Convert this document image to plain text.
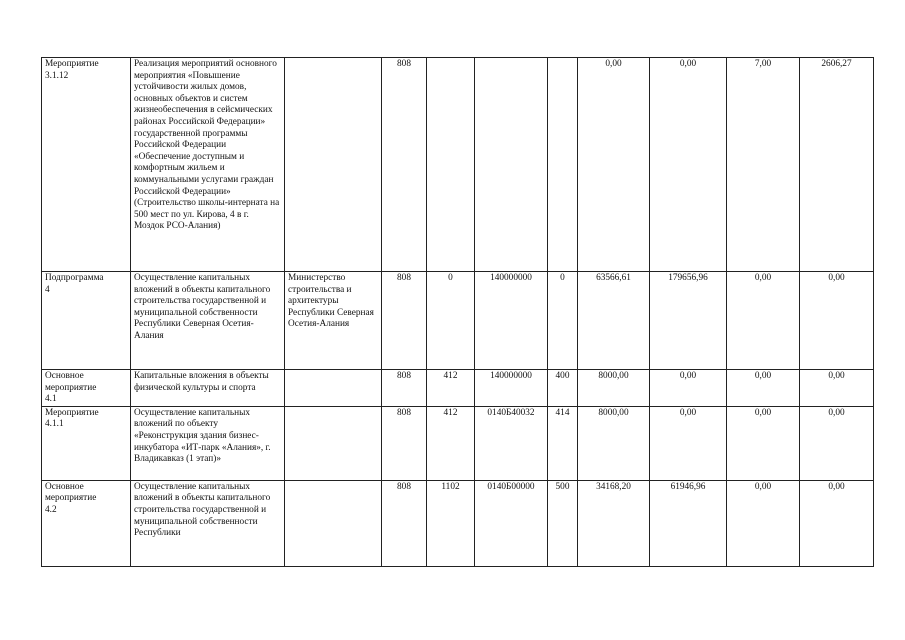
Мероприятие
3.1.12	Реализация мероприятий основного мероприятия «Повышение устойчивости жилых домов, основных объектов и систем жизнеобеспечения в сейсмических районах Российской Федерации» государственной программы Российской Федерации «Обеспечение доступным и комфортным жильем и коммунальными услугами граждан Российской Федерации» (Строительство школы-интерната на 500 мест по ул. Кирова, 4 в г. Моздок РСО-Алания)		808				0,00	0,00	7,00	2606,27
Подпрограмма
4	Осуществление капитальных вложений в объекты капитального строительства государственной и муниципальной собственности Республики Северная Осетия-Алания	Министерство строительства и архитектуры Республики Северная Осетия-Алания	808	0	140000000	0	63566,61	179656,96	0,00	0,00
Основное мероприятие
4.1	Капитальные вложения в объекты физической культуры и спорта		808	412	140000000	400	8000,00	0,00	0,00	0,00
Мероприятие
4.1.1	Осуществление капитальных вложений по объекту «Реконструкция здания бизнес-инкубатора «ИТ-парк «Алания», г. Владикавказ (1 этап)»		808	412	0140Б40032	414	8000,00	0,00	0,00	0,00
Основное мероприятие
4.2	Осуществление капитальных вложений в объекты капитального строительства государственной и муниципальной собственности Республики		808	1102	0140Б00000	500	34168,20	61946,96	0,00	0,00
